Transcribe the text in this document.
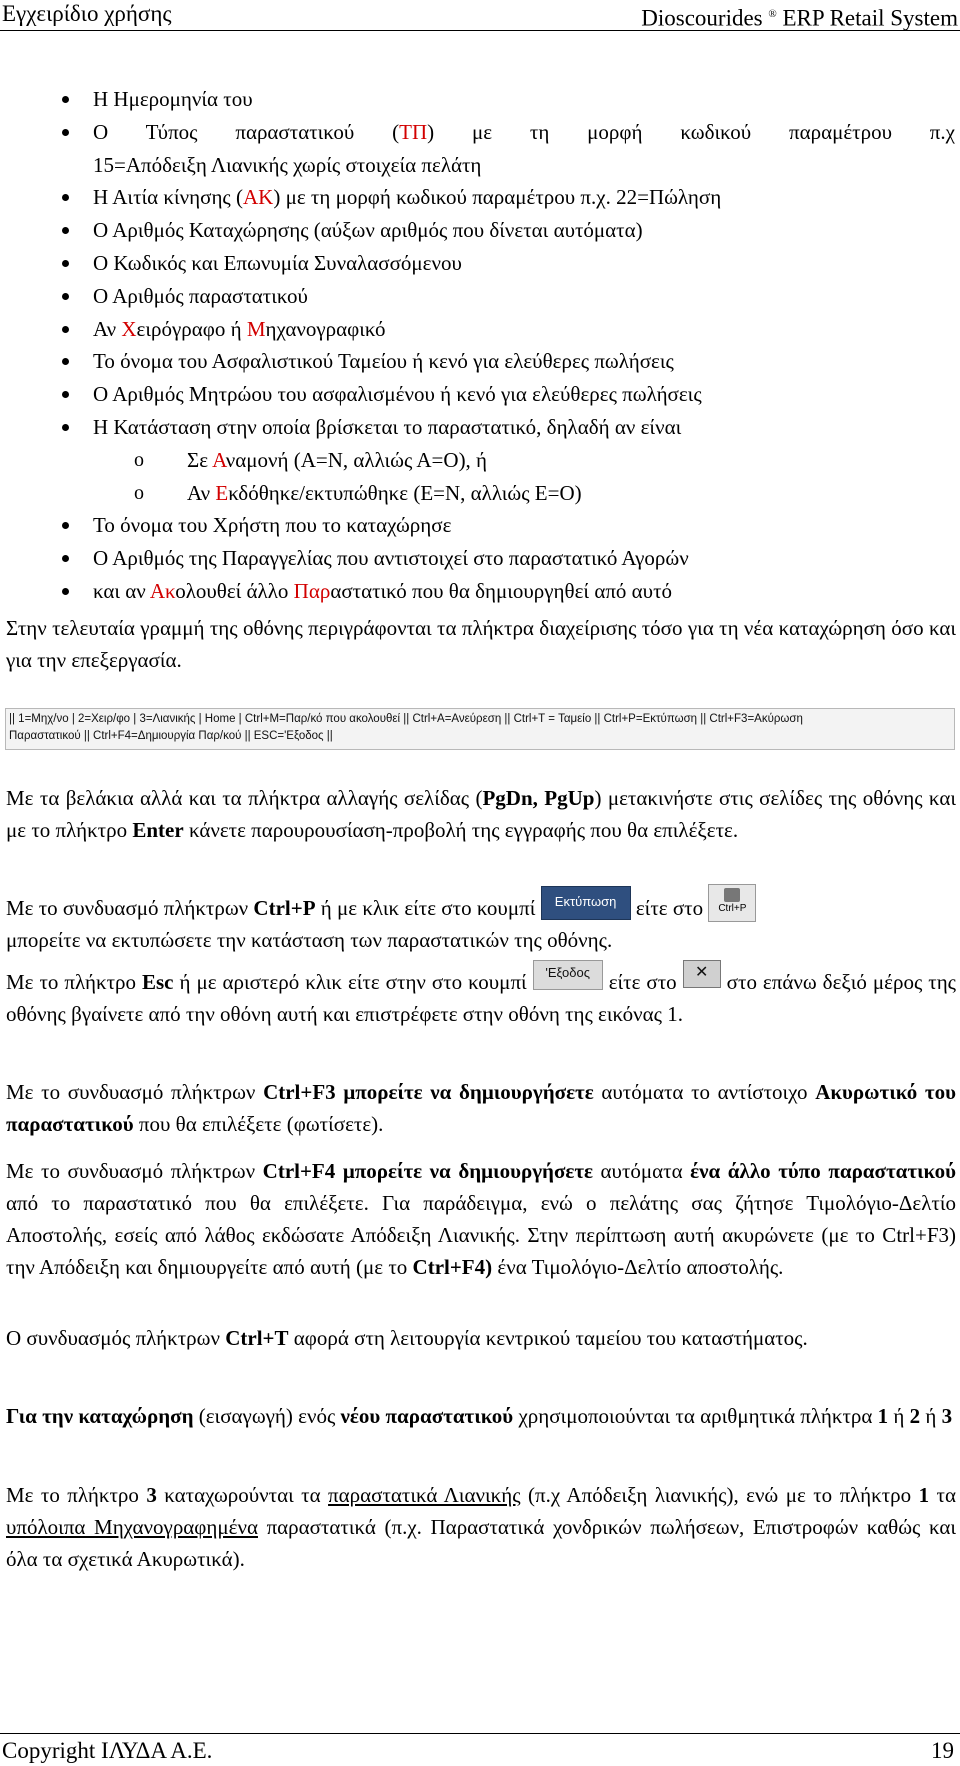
Εγχειρίδιο χρήσης	Dioscourides ® ERP Retail System
Η Ημερομηνία του
Ο Τύπος παραστατικού (ΤΠ) με τη μορφή κωδικού παραμέτρου π.χ
15=Απόδειξη Λιανικής χωρίς στοιχεία πελάτη
Η Αιτία κίνησης (ΑΚ) με τη μορφή κωδικού παραμέτρου π.χ. 22=Πώληση
Ο Αριθμός Καταχώρησης (αύξων αριθμός που δίνεται αυτόματα)
Ο Κωδικός και Επωνυμία Συναλασσόμενου
Ο Αριθμός παραστατικού
Αν Χειρόγραφο ή Μηχανογραφικό
Το όνομα του Ασφαλιστικού Ταμείου ή κενό για ελεύθερες πωλήσεις
Ο Αριθμός Μητρώου του ασφαλισμένου ή κενό για ελεύθερες πωλήσεις
Η Κατάσταση στην οποία βρίσκεται το παραστατικό, δηλαδή αν είναι
o Σε Αναμονή (Α=Ν, αλλιώς Α=Ο), ή
o Αν Εκδόθηκε/εκτυπώθηκε (Ε=Ν, αλλιώς Ε=Ο)
Το όνομα του Χρήστη που το καταχώρησε
Ο Αριθμός της Παραγγελίας που αντιστοιχεί στο παραστατικό Αγορών
και αν Ακολουθεί άλλο Παραστατικό που θα δημιουργηθεί από αυτό

Στην τελευταία γραμμή της οθόνης περιγράφονται τα πλήκτρα διαχείρισης τόσο για τη νέα καταχώρηση όσο και για την επεξεργασία.

|| 1=Μηχ/νο | 2=Χειρ/φο | 3=Λιανικής | Home | Ctrl+M=Παρ/κό που ακολουθεί || Ctrl+A=Ανεύρεση || Ctrl+T = Ταμείο || Ctrl+P=Εκτύπωση || Ctrl+F3=Ακύρωση
Παραστατικού || Ctrl+F4=Δημιουργία Παρ/κού || ESC='Εξοδος ||

Με τα βελάκια αλλά και τα πλήκτρα αλλαγής σελίδας (PgDn, PgUp) μετακινήστε στις σελίδες της οθόνης και με το πλήκτρο Enter κάνετε παρουρουσίαση-προβολή της εγγραφής που θα επιλέξετε.

Με το συνδυασμό πλήκτρων Ctrl+P ή με κλικ είτε στο κουμπί Εκτύπωση είτε στο Ctrl+P
μπορείτε να εκτυπώσετε την κατάσταση των παραστατικών της οθόνης.

Με το πλήκτρο Esc ή με αριστερό κλικ είτε στην στο κουμπί 'Εξοδος είτε στο ✕ στο επάνω δεξιό μέρος της οθόνης βγαίνετε από την οθόνη αυτή και επιστρέφετε στην οθόνη της εικόνας 1.

Με το συνδυασμό πλήκτρων Ctrl+F3 μπορείτε να δημιουργήσετε αυτόματα το αντίστοιχο Ακυρωτικό του παραστατικού που θα επιλέξετε (φωτίσετε).

Με το συνδυασμό πλήκτρων Ctrl+F4 μπορείτε να δημιουργήσετε αυτόματα ένα άλλο τύπο παραστατικού από το παραστατικό που θα επιλέξετε. Για παράδειγμα, ενώ ο πελάτης σας ζήτησε Τιμολόγιο-Δελτίο Αποστολής, εσείς από λάθος εκδώσατε Απόδειξη Λιανικής. Στην περίπτωση αυτή ακυρώνετε (με το Ctrl+F3) την Απόδειξη και δημιουργείτε από αυτή (με το Ctrl+F4) ένα Τιμολόγιο-Δελτίο αποστολής.

Ο συνδυασμός πλήκτρων Ctrl+T αφορά στη λειτουργία κεντρικού ταμείου του καταστήματος.

Για την καταχώρηση (εισαγωγή) ενός νέου παραστατικού χρησιμοποιούνται τα αριθμητικά πλήκτρα 1 ή 2 ή 3

Με το πλήκτρο 3 καταχωρούνται τα παραστατικά Λιανικής (π.χ Απόδειξη λιανικής), ενώ με το πλήκτρο 1 τα υπόλοιπα Μηχανογραφημένα παραστατικά (π.χ. Παραστατικά χονδρικών πωλήσεων, Επιστροφών καθώς και όλα τα σχετικά Ακυρωτικά).

Copyright ΙΛΥΔΑ Α.Ε.	19
